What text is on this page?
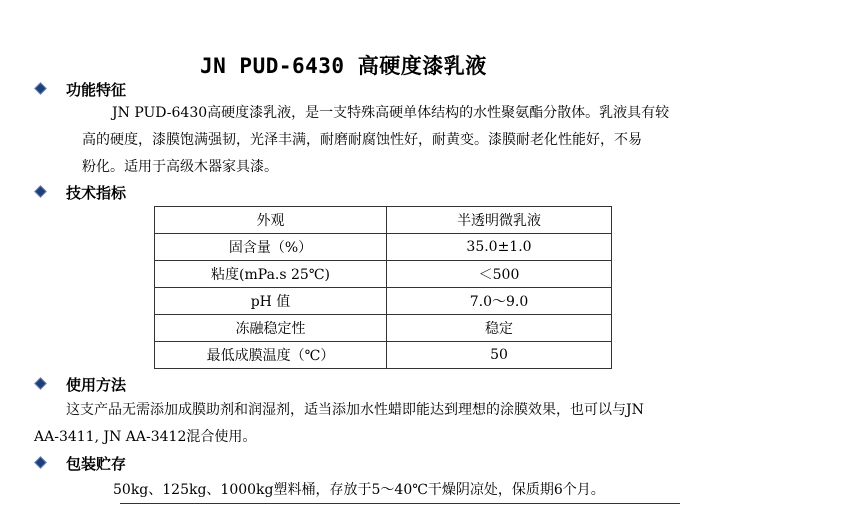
JN PUD-6430 高硬度漆乳液
功能特征
JN PUD-6430高硬度漆乳液，是一支特殊高硬单体结构的水性聚氨酯分散体。乳液具有较
高的硬度，漆膜饱满强韧，光泽丰满，耐磨耐腐蚀性好，耐黄变。漆膜耐老化性能好，不易
粉化。适用于高级木器家具漆。
技术指标
外观	半透明微乳液
固含量（%）	35.0±1.0
粘度(mPa.s 25℃)	＜500
pH 值	7.0～9.0
冻融稳定性	稳定
最低成膜温度（℃）	50
使用方法
这支产品无需添加成膜助剂和润湿剂，适当添加水性蜡即能达到理想的涂膜效果，也可以与JN
AA-3411, JN AA-3412混合使用。
包装贮存
50kg、125kg、1000kg塑料桶，存放于5～40℃干燥阴凉处，保质期6个月。
